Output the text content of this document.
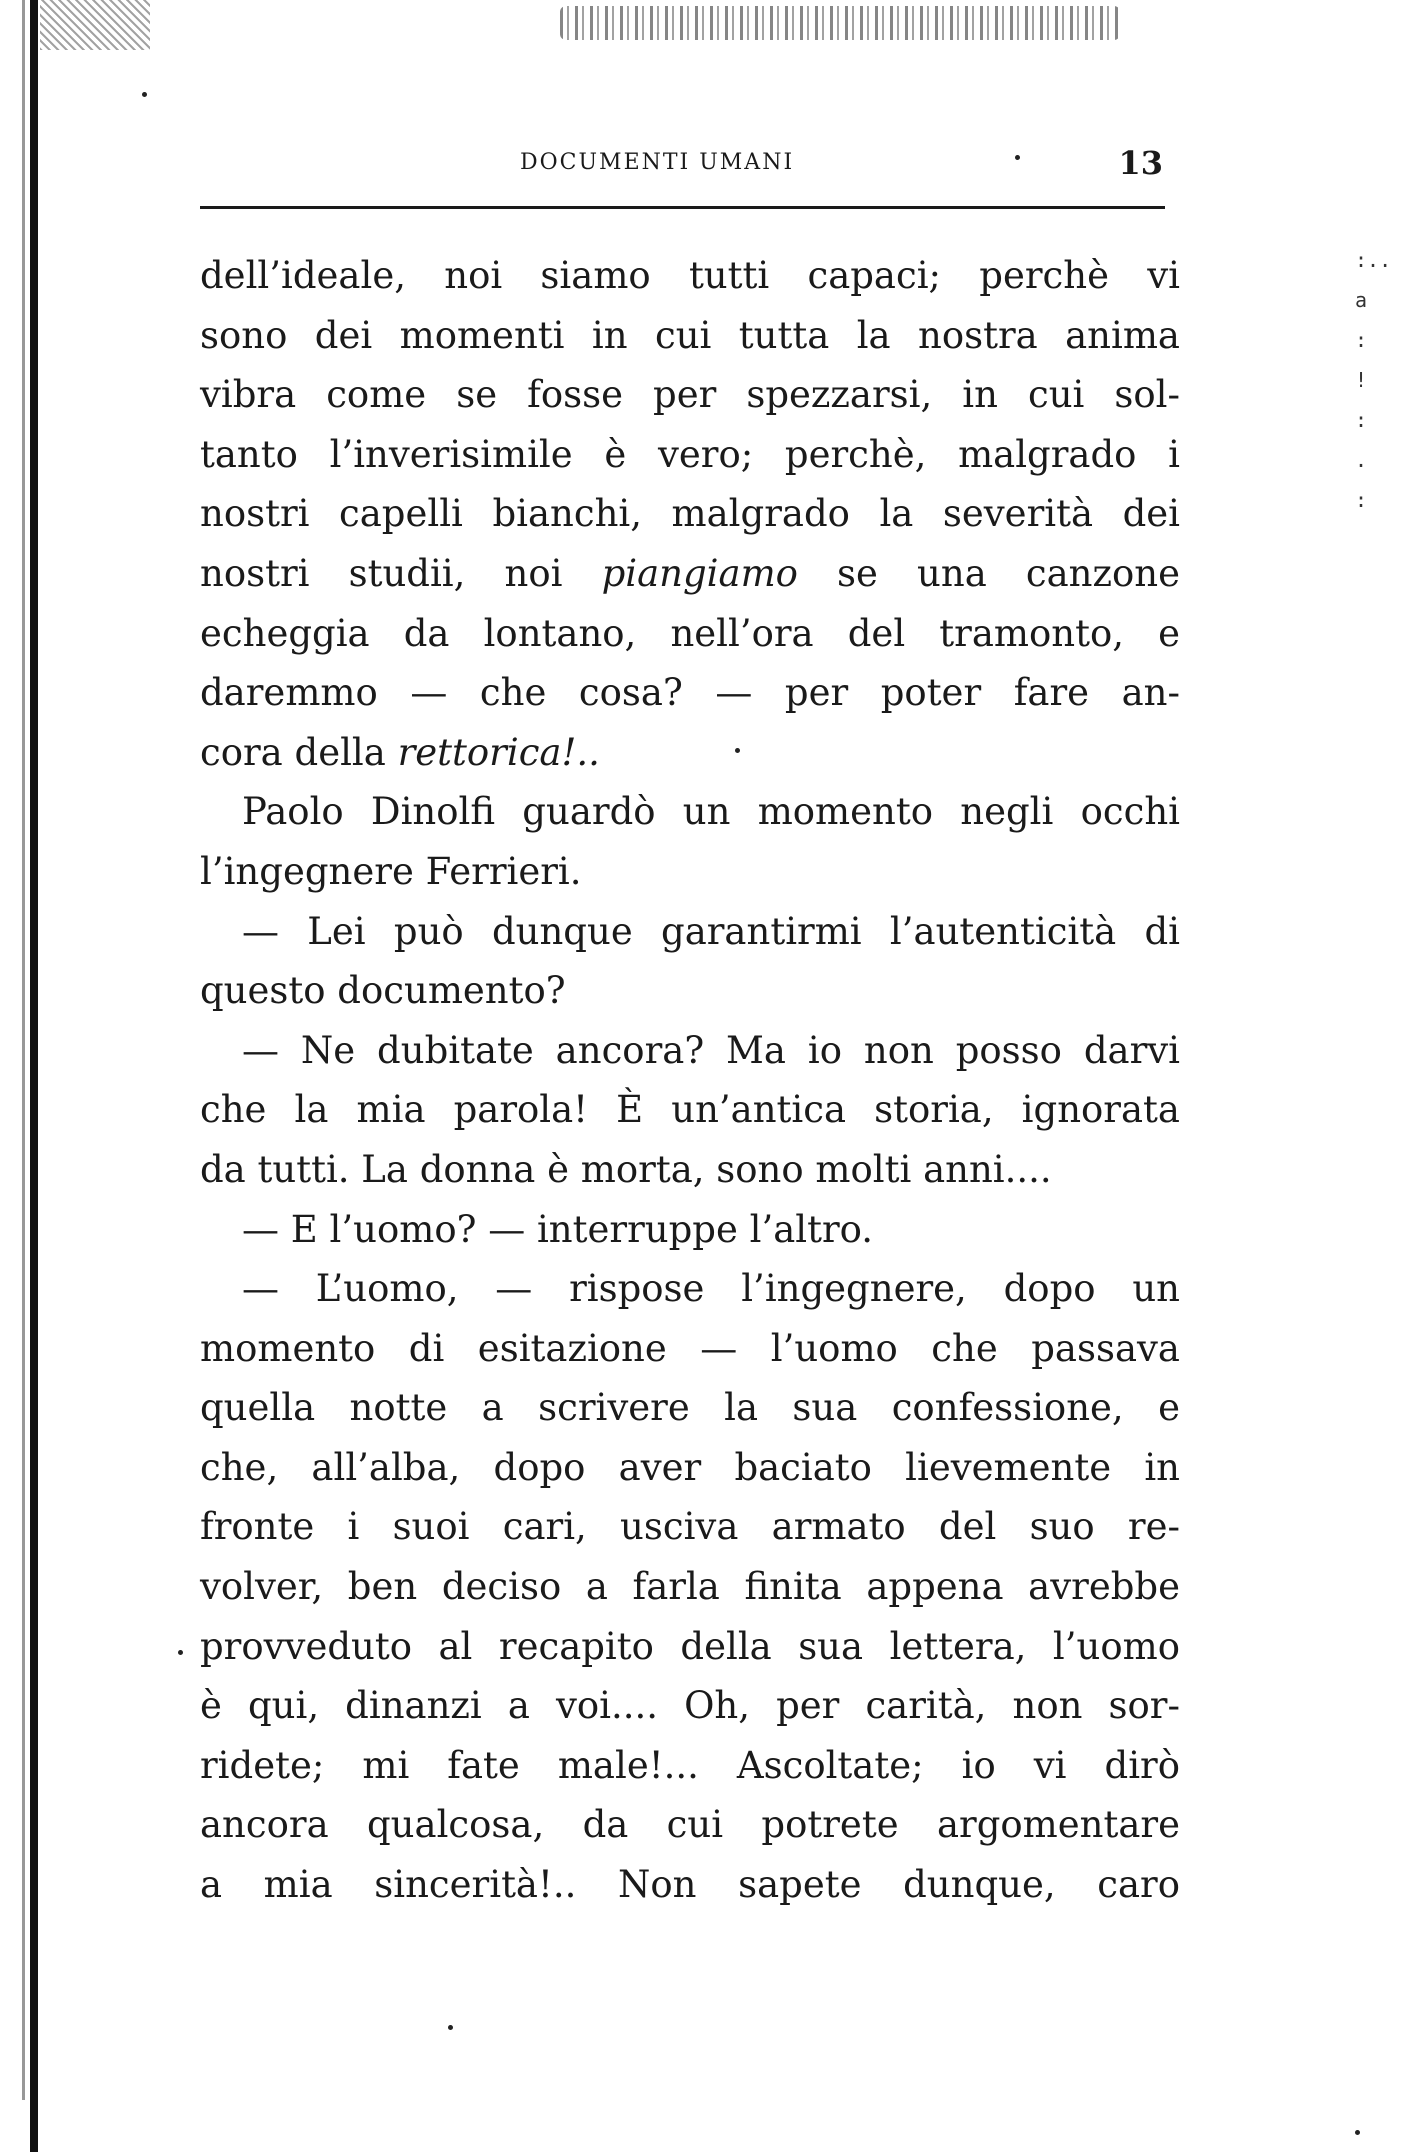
:..
a
:
!
:
. :
DOCUMENTI UMANI	13
dell’ideale, noi siamo tutti capaci; perchè vi
sono dei momenti in cui tutta la nostra anima
vibra come se fosse per spezzarsi, in cui sol-
tanto l’inverisimile è vero; perchè, malgrado i
nostri capelli bianchi, malgrado la severità dei
nostri studii, noi piangiamo se una canzone
echeggia da lontano, nell’ora del tramonto, e
daremmo — che cosa? — per poter fare an-
cora della rettorica!..
Paolo Dinolfi guardò un momento negli occhi
l’ingegnere Ferrieri.
— Lei può dunque garantirmi l’autenticità di
questo documento?
— Ne dubitate ancora? Ma io non posso darvi
che la mia parola! È un’antica storia, ignorata
da tutti. La donna è morta, sono molti anni....
— E l’uomo? — interruppe l’altro.
— L’uomo, — rispose l’ingegnere, dopo un
momento di esitazione — l’uomo che passava
quella notte a scrivere la sua confessione, e
che, all’alba, dopo aver baciato lievemente in
fronte i suoi cari, usciva armato del suo re-
volver, ben deciso a farla finita appena avrebbe
provveduto al recapito della sua lettera, l’uomo
è qui, dinanzi a voi.... Oh, per carità, non sor-
ridete; mi fate male!... Ascoltate; io vi dirò
ancora qualcosa, da cui potrete argomentare
a mia sincerità!.. Non sapete dunque, caro
